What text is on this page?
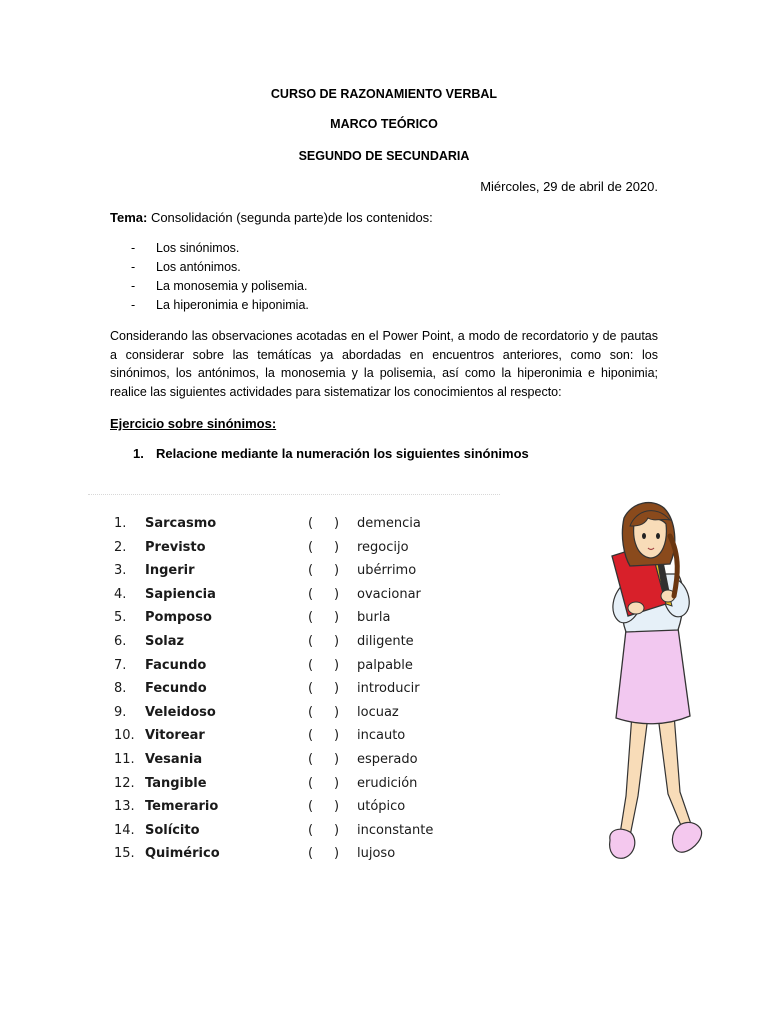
CURSO DE RAZONAMIENTO VERBAL
MARCO TEÓRICO
SEGUNDO DE SECUNDARIA
Miércoles, 29 de abril de 2020.
Tema: Consolidación (segunda parte)de los contenidos:
- Los sinónimos.
- Los antónimos.
- La monosemia y polisemia.
- La hiperonimia e hiponimia.

Considerando las observaciones acotadas en el Power Point, a modo de recordatorio y de pautas a considerar sobre las temátícas ya abordadas en encuentros anteriores, como son: los sinónimos, los antónimos, la monosemia y la polisemia, así como la hiperonimia e hiponimia; realice las siguientes actividades para sistematizar los conocimientos al respecto:

Ejercicio sobre sinónimos:
1. Relacione mediante la numeración los siguientes sinónimos
1. Sarcasmo	( ) demencia
2. Previsto	( ) regocijo
3. Ingerir	( ) ubérrimo
4. Sapiencia	( ) ovacionar
5. Pomposo	( ) burla
6. Solaz	( ) diligente
7. Facundo	( ) palpable
8. Fecundo	( ) introducir
9. Veleidoso	( ) locuaz
10. Vitorear	( ) incauto
11. Vesania	( ) esperado
12. Tangible	( ) erudición
13. Temerario	( ) utópico
14. Solícito	( ) inconstante
15. Quimérico	( ) lujoso
